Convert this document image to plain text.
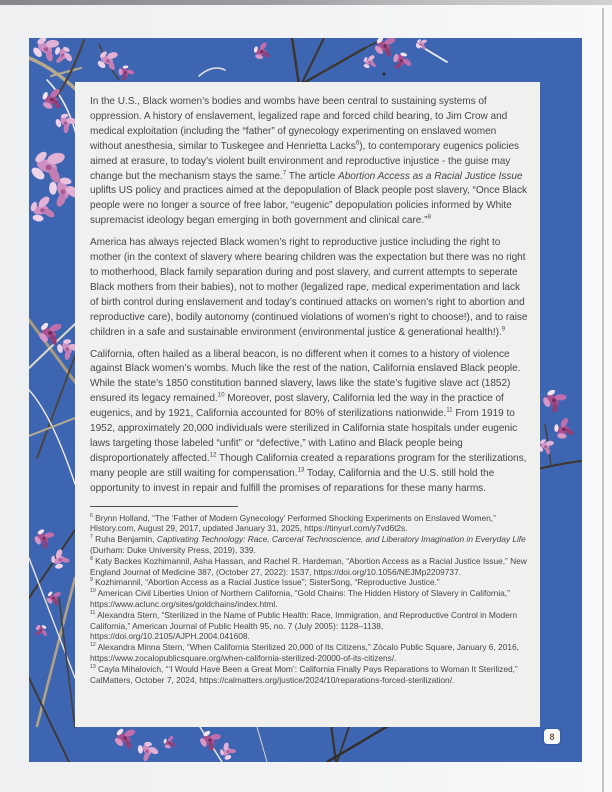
In the U.S., Black women’s bodies and wombs have been central to sustaining systems of oppression. A history of enslavement, legalized rape and forced child bearing, to Jim Crow and medical exploitation (including the “father” of gynecology experimenting on enslaved women without anesthesia, similar to Tuskegee and Henrietta Lacks$^6$), to contemporary eugenics policies aimed at erasure, to today’s violent built environment and reproductive injustice - the guise may change but the mechanism stays the same.$^7$ The article Abortion Access as a Racial Justice Issue uplifts US policy and practices aimed at the depopulation of Black people post slavery, “Once Black people were no longer a source of free labor, “eugenic” depopulation policies informed by White supremacist ideology began emerging in both government and clinical care.”$^8$

America has always rejected Black women’s right to reproductive justice including the right to mother (in the context of slavery where bearing children was the expectation but there was no right to motherhood, Black family separation during and post slavery, and current attempts to seperate Black mothers from their babies), not to mother (legalized rape, medical experimentation and lack of birth control during enslavement and today’s continued attacks on women’s right to abortion and reproductive care), bodily autonomy (continued violations of women’s right to choose!), and to raise children in a safe and sustainable environment (environmental justice & generational health!).$^9$

California, often hailed as a liberal beacon, is no different when it comes to a history of violence against Black women’s wombs. Much like the rest of the nation, California enslaved Black people. While the state’s 1850 constitution banned slavery, laws like the state’s fugitive slave act (1852) ensured its legacy remained.$^{10}$ Moreover, post slavery, California led the way in the practice of eugenics, and by 1921, California accounted for 80% of sterilizations nationwide.$^{11}$ From 1919 to 1952, approximately 20,000 individuals were sterilized in California state hospitals under eugenic laws targeting those labeled “unfit” or “defective,” with Latino and Black people being disproportionately affected.$^{12}$ Though California created a reparations program for the sterilizations, many people are still waiting for compensation.$^{13}$ Today, California and the U.S. still hold the opportunity to invest in repair and fulfill the promises of reparations for these many harms.

$^6$ Brynn Holland, “The ‘Father of Modern Gynecology’ Performed Shocking Experiments on Enslaved Women,” History.com, August 29, 2017, updated January 31, 2025, https://tinyurl.com/y7vd6t2s.

$^7$ Ruha Benjamin, Captivating Technology: Race, Carceral Technoscience, and Liberatory Imagination in Everyday Life (Durham: Duke University Press, 2019), 339.

$^8$ Katy Backes Kozhimannil, Asha Hassan, and Rachel R. Hardeman, “Abortion Access as a Racial Justice Issue,” New England Journal of Medicine 387, (October 27, 2022): 1537, https://doi.org/10.1056/NEJMp2209737.

$^9$ Kozhimannil, “Abortion Access as a Racial Justice Issue”; SisterSong, “Reproductive Justice.”

$^{10}$ American Civil Liberties Union of Northern California, “Gold Chains: The Hidden History of Slavery in California,” https://www.aclunc.org/sites/goldchains/index.html.

$^{11}$ Alexandra Stern, “Sterilized in the Name of Public Health: Race, Immigration, and Reproductive Control in Modern California,” American Journal of Public Health 95, no. 7 (July 2005): 1128–1138, https://doi.org/10.2105/AJPH.2004.041608.

$^{12}$ Alexandra Minna Stern, “When California Sterilized 20,000 of Its Citizens,” Zócalo Public Square, January 6, 2016, https://www.zocalopublicsquare.org/when-california-sterilized-20000-of-its-citizens/.

$^{13}$ Cayla Mihalovich, “‘I Would Have Been a Great Mom’: California Finally Pays Reparations to Woman It Sterilized,” CalMatters, October 7, 2024, https://calmatters.org/justice/2024/10/reparations-forced-sterilization/.

8
